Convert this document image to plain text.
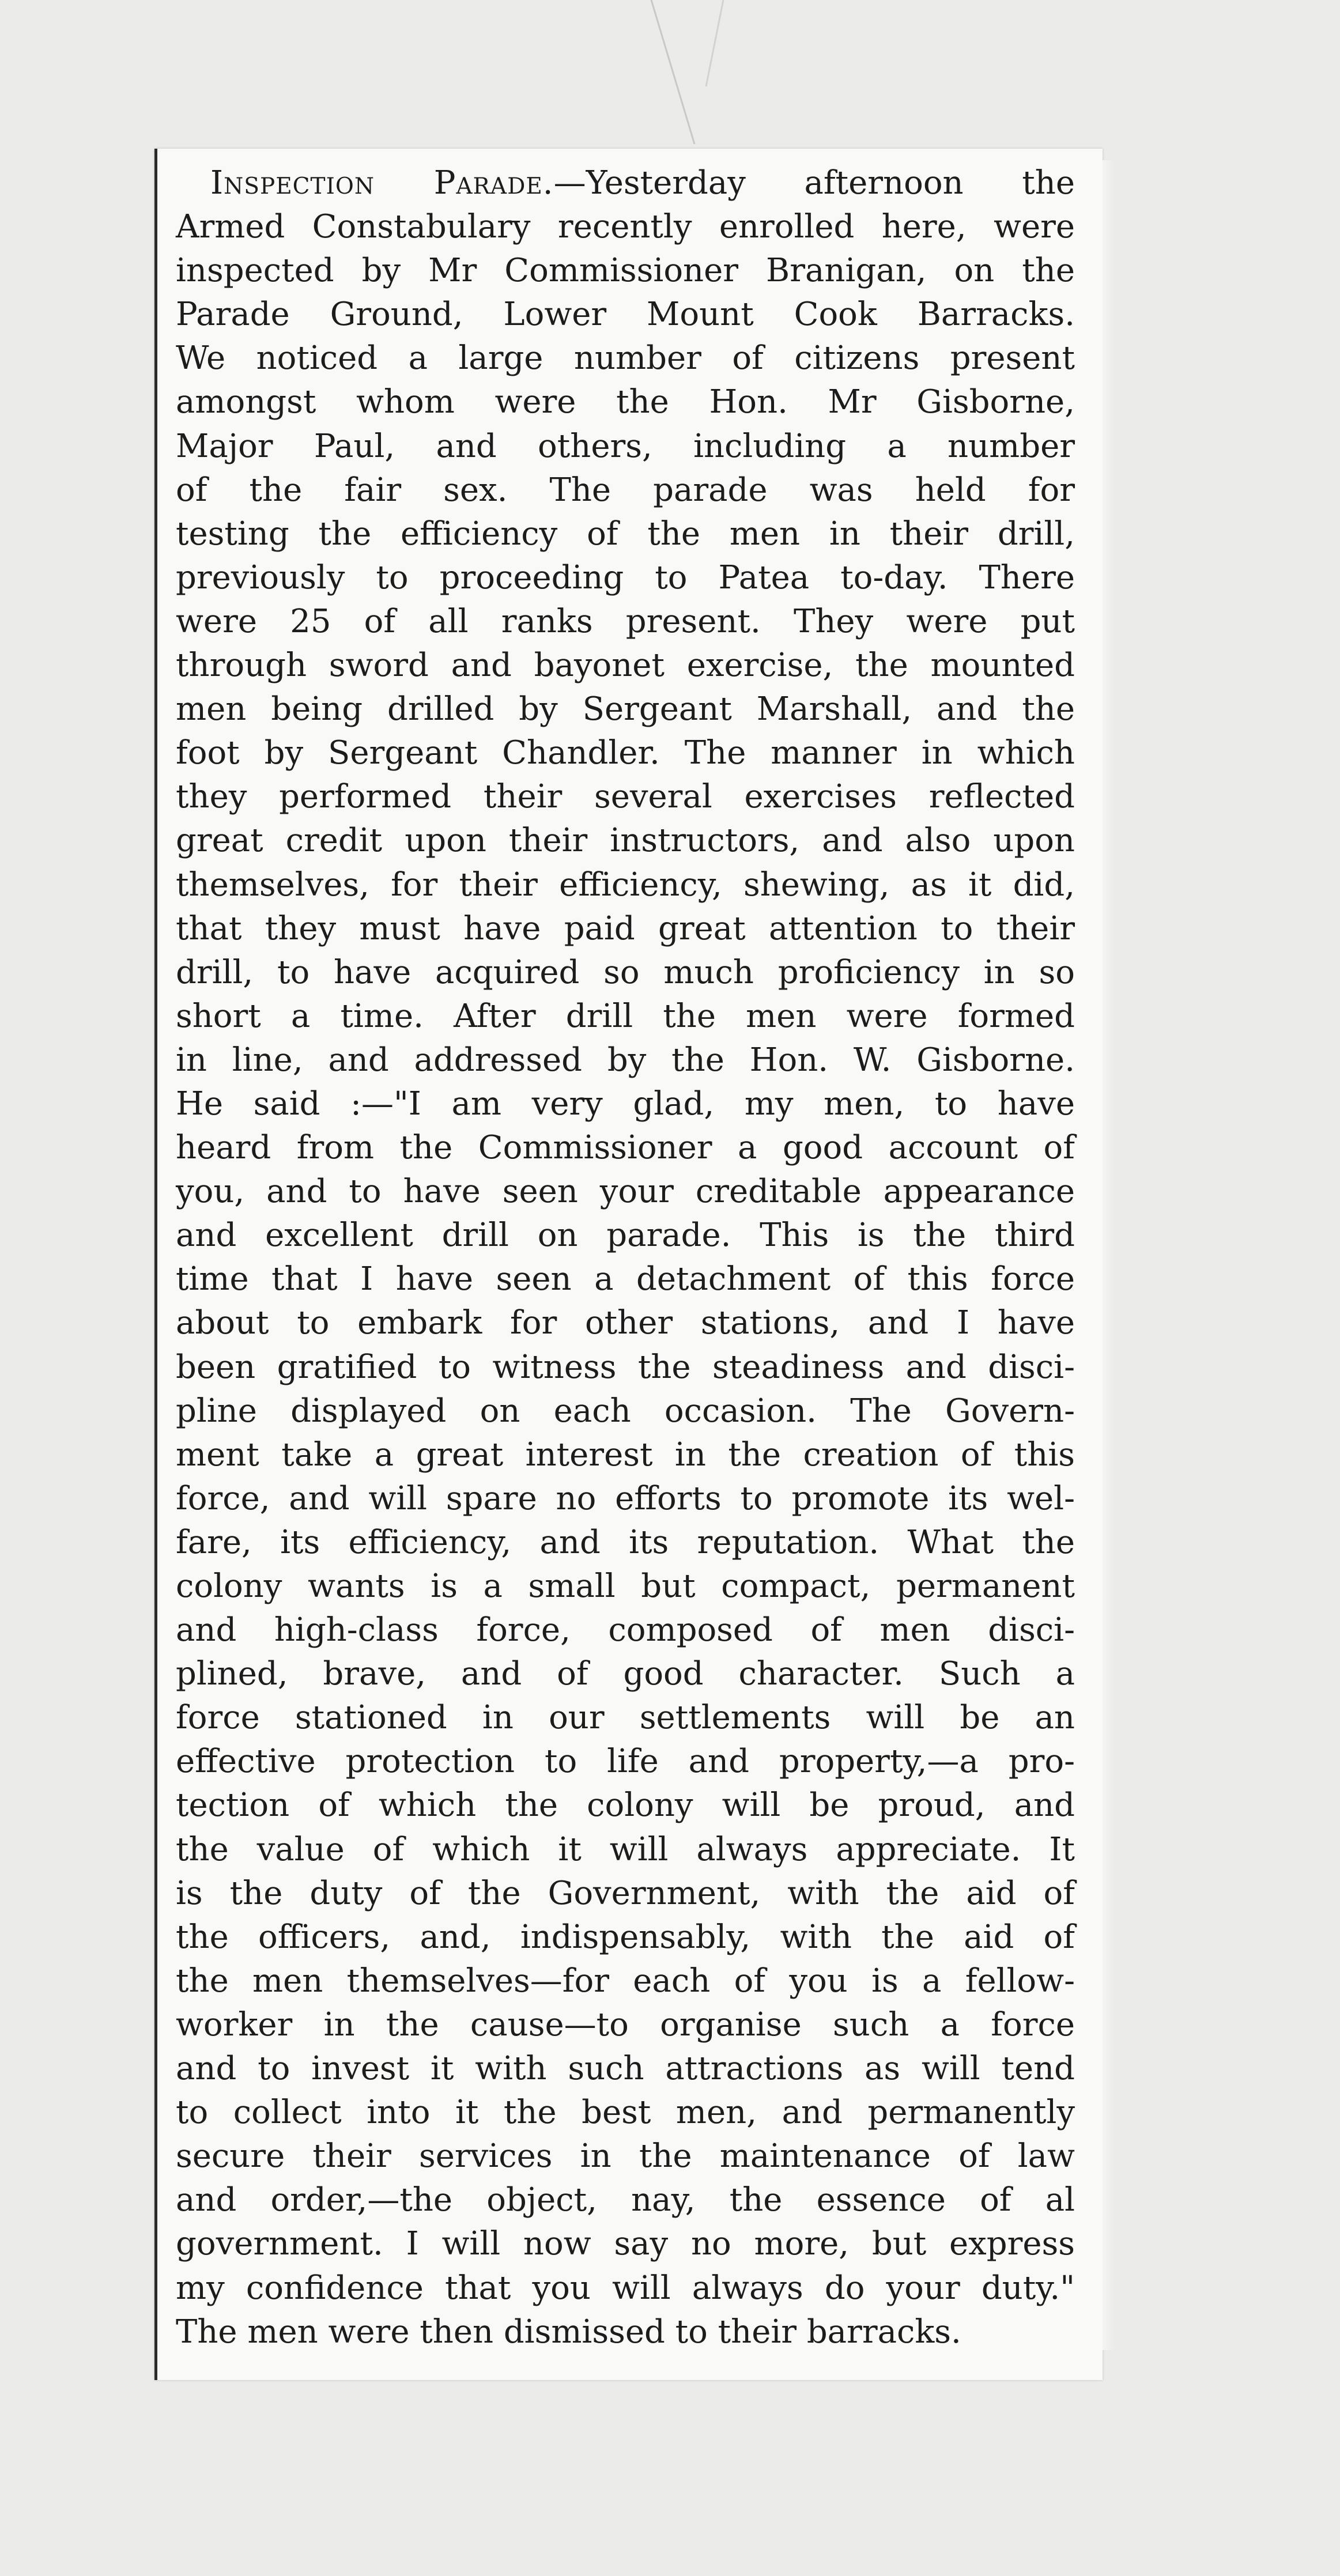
Inspection Parade.—Yesterday afternoon the
Armed Constabulary recently enrolled here, were
inspected by Mr Commissioner Branigan, on the
Parade Ground, Lower Mount Cook Barracks.
We noticed a large number of citizens present
amongst whom were the Hon. Mr Gisborne,
Major Paul, and others, including a number
of the fair sex. The parade was held for
testing the efficiency of the men in their drill,
previously to proceeding to Patea to-day. There
were 25 of all ranks present. They were put
through sword and bayonet exercise, the mounted
men being drilled by Sergeant Marshall, and the
foot by Sergeant Chandler. The manner in which
they performed their several exercises reflected
great credit upon their instructors, and also upon
themselves, for their efficiency, shewing, as it did,
that they must have paid great attention to their
drill, to have acquired so much proficiency in so
short a time. After drill the men were formed
in line, and addressed by the Hon. W. Gisborne.
He said :—"I am very glad, my men, to have
heard from the Commissioner a good account of
you, and to have seen your creditable appearance
and excellent drill on parade. This is the third
time that I have seen a detachment of this force
about to embark for other stations, and I have
been gratified to witness the steadiness and disci-
pline displayed on each occasion. The Govern-
ment take a great interest in the creation of this
force, and will spare no efforts to promote its wel-
fare, its efficiency, and its reputation. What the
colony wants is a small but compact, permanent
and high-class force, composed of men disci-
plined, brave, and of good character. Such a
force stationed in our settlements will be an
effective protection to life and property,—a pro-
tection of which the colony will be proud, and
the value of which it will always appreciate. It
is the duty of the Government, with the aid of
the officers, and, indispensably, with the aid of
the men themselves—for each of you is a fellow-
worker in the cause—to organise such a force
and to invest it with such attractions as will tend
to collect into it the best men, and permanently
secure their services in the maintenance of law
and order,—the object, nay, the essence of al
government. I will now say no more, but express
my confidence that you will always do your duty."
The men were then dismissed to their barracks.
